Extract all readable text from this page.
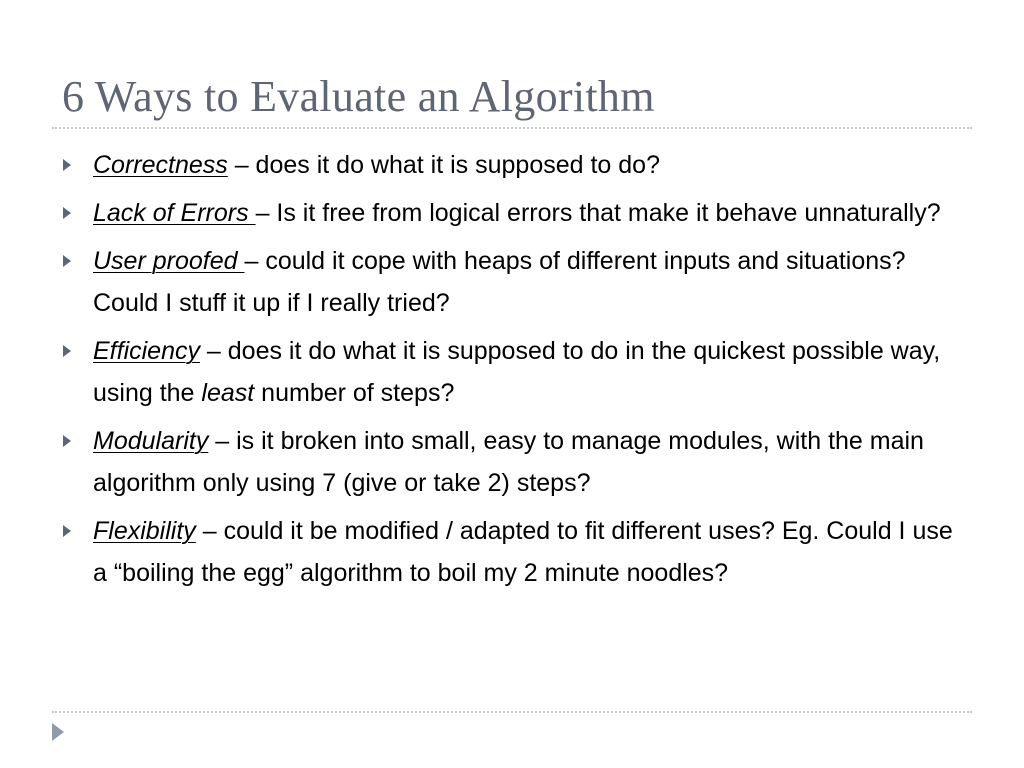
6 Ways to Evaluate an Algorithm
Correctness – does it do what it is supposed to do?
Lack of Errors – Is it free from logical errors that make it behave unnaturally?
User proofed – could it cope with heaps of different inputs and situations? Could I stuff it up if I really tried?
Efficiency – does it do what it is supposed to do in the quickest possible way, using the least number of steps?
Modularity – is it broken into small, easy to manage modules, with the main algorithm only using 7 (give or take 2) steps?
Flexibility – could it be modified / adapted to fit different uses? Eg. Could I use a “boiling the egg” algorithm to boil my 2 minute noodles?
